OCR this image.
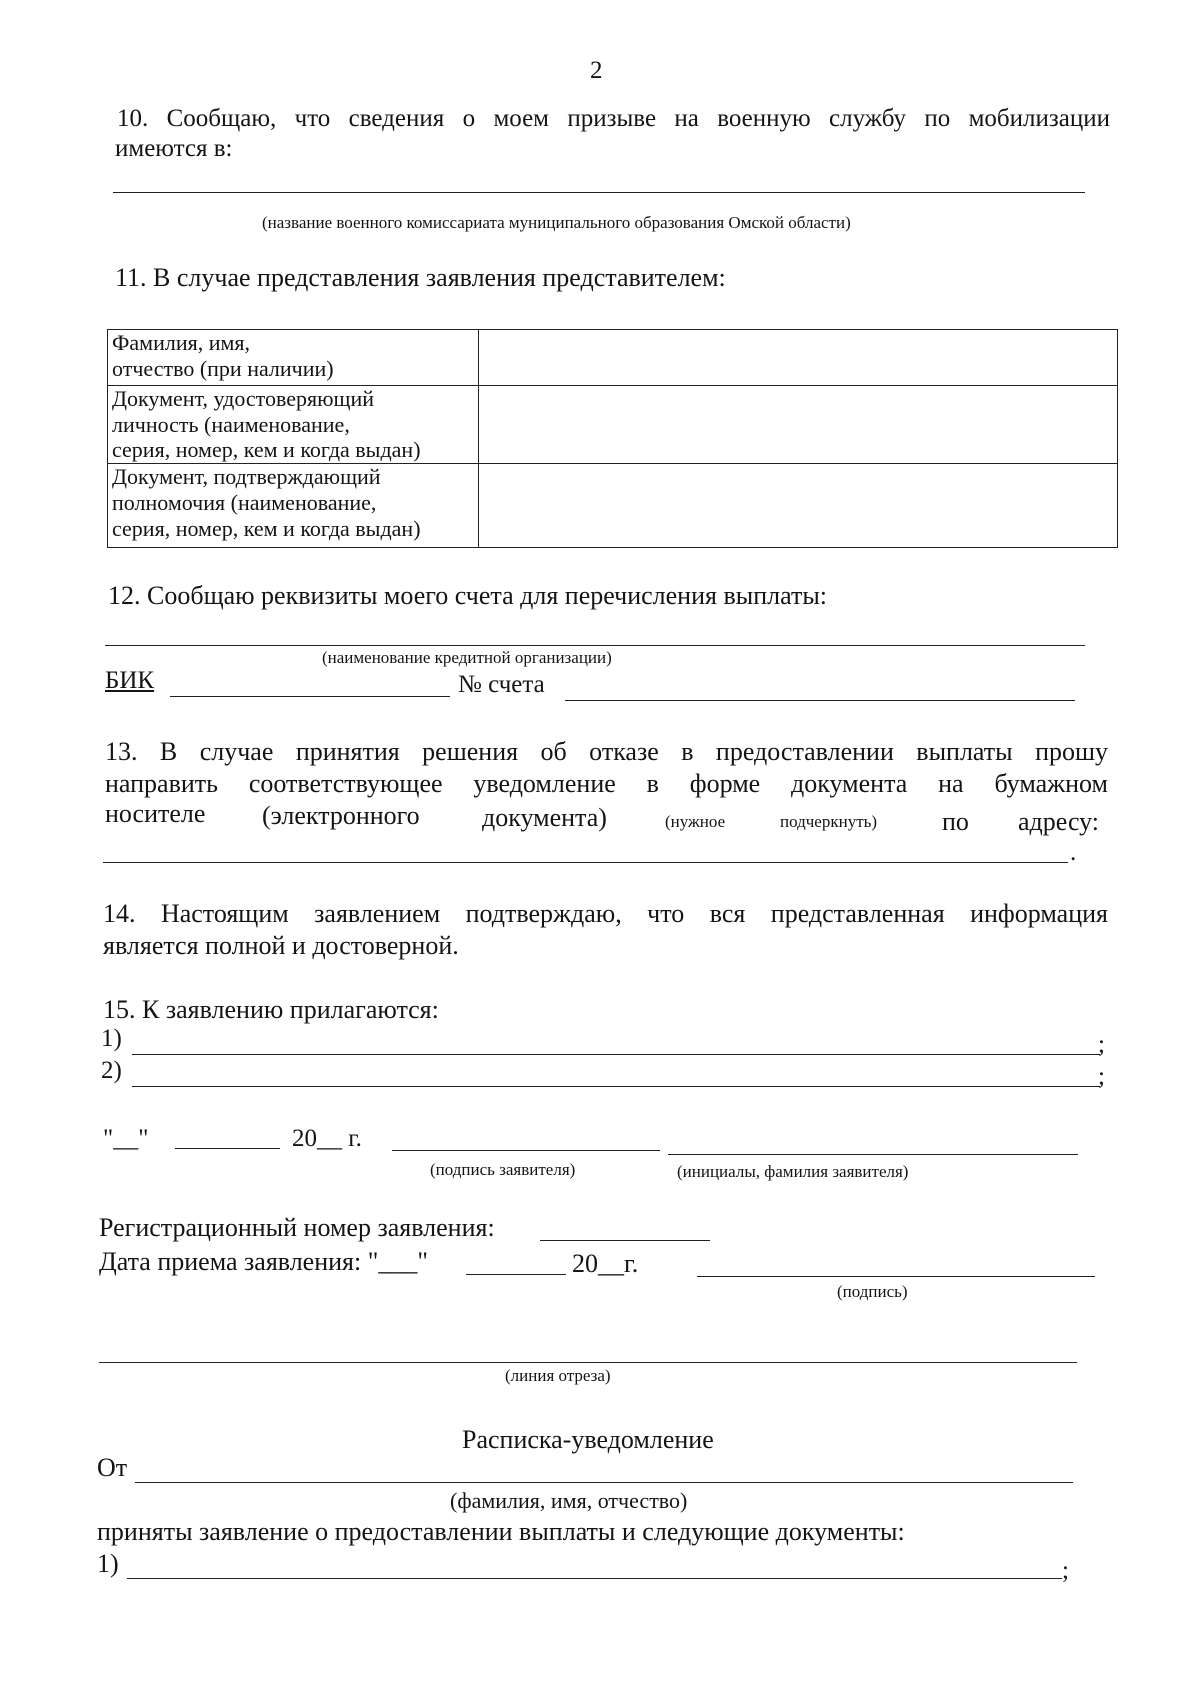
2
10. Сообщаю, что сведения о моем призыве на военную службу по мобилизации
имеются в:
(название военного комиссариата муниципального образования Омской области)
11. В случае представления заявления представителем:
Фамилия, имя,
отчество (при наличии)	

Документ, удостоверяющий
личность (наименование,
серия, номер, кем и когда выдан)	

Документ, подтверждающий
полномочия (наименование,
серия, номер, кем и когда выдан)	

12. Сообщаю реквизиты моего счета для перечисления выплаты:
(наименование кредитной организации)
БИК	№ счета
13. В случае принятия решения об отказе в предоставлении выплаты прошу
направить соответствующее уведомление в форме документа на бумажном
носителе (электронного документа)	(нужное	подчеркнуть) по адресу:
.
14. Настоящим заявлением подтверждаю, что вся представленная информация
является полной и достоверной.
15. К заявлению прилагаются:
1)	;
2)	;
"__"	20__ г.
(подпись заявителя)	(инициалы, фамилия заявителя)
Регистрационный номер заявления:
Дата приема заявления: "___"	20__г.
(подпись)
(линия отреза)
Расписка-уведомление
От
(фамилия, имя, отчество)
приняты заявление о предоставлении выплаты и следующие документы:
1)	;
